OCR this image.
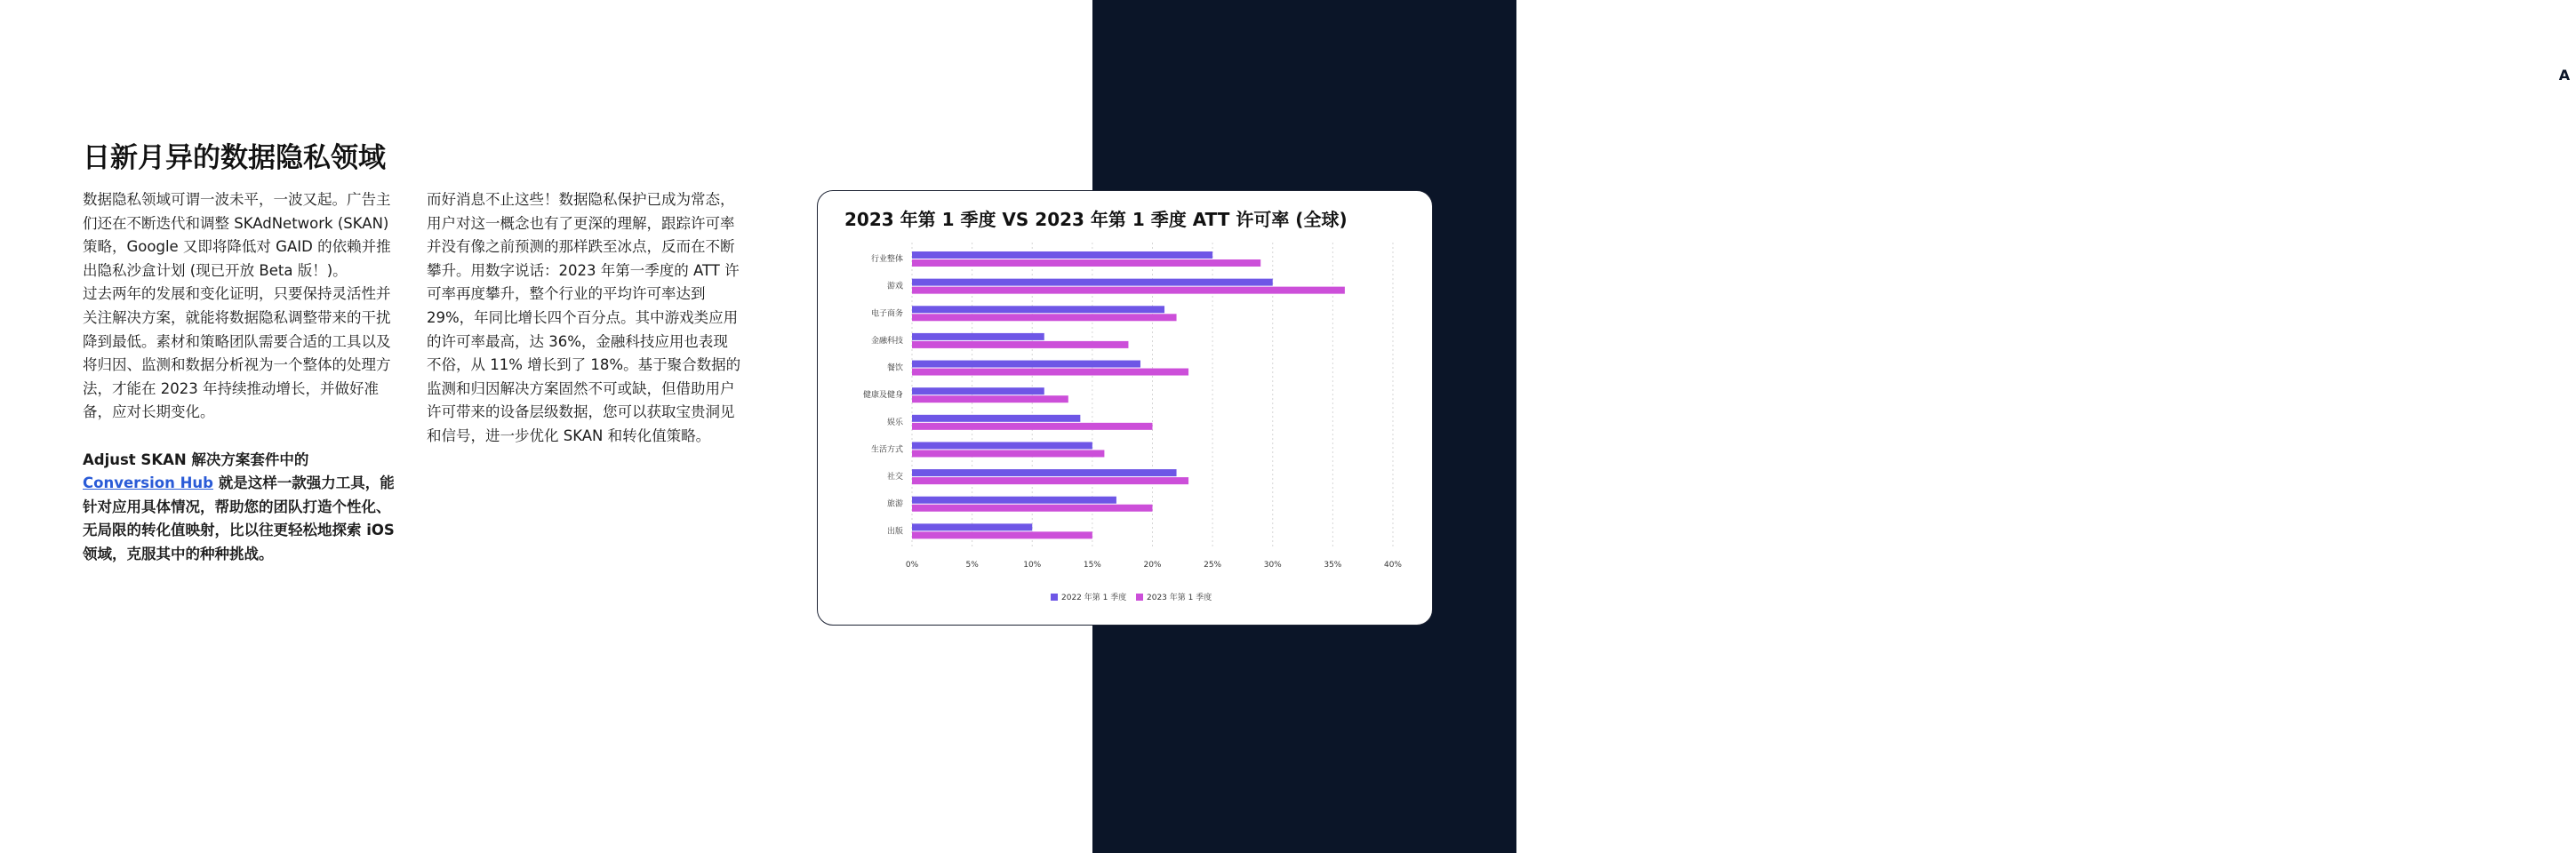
A
2023年移动应用趋势报告
5
日新月异的数据隐私领域

数据隐私领域可谓一波未平，一波又起。广告主们还在不断迭代和调整 SKAdNetwork (SKAN) 策略，Google 又即将降低对 GAID 的依赖并推出隐私沙盒计划 (现已开放 Beta 版！)。

过去两年的发展和变化证明，只要保持灵活性并关注解决方案，就能将数据隐私调整带来的干扰降到最低。素材和策略团队需要合适的工具以及将归因、监测和数据分析视为一个整体的处理方法，才能在 2023 年持续推动增长，并做好准备，应对长期变化。

Adjust SKAN 解决方案套件中的 Conversion Hub 就是这样一款强力工具，能针对应用具体情况，帮助您的团队打造个性化、无局限的转化值映射，比以往更轻松地探索 iOS 领域，克服其中的种种挑战。

而好消息不止这些！数据隐私保护已成为常态，用户对这一概念也有了更深的理解，跟踪许可率并没有像之前预测的那样跌至冰点，反而在不断攀升。用数字说话：2023 年第一季度的 ATT 许可率再度攀升，整个行业的平均许可率达到 29%，年同比增长四个百分点。其中游戏类应用的许可率最高，达 36%，金融科技应用也表现不俗，从 11% 增长到了 18%。基于聚合数据的监测和归因解决方案固然不可或缺，但借助用户许可带来的设备层级数据，您可以获取宝贵洞见和信号，进一步优化 SKAN 和转化值策略。

2023 年第 1 季度 VS 2023 年第 1 季度 ATT 许可率 (全球)
0%	5%	10%	15%	20%	25%	30%	35%	40%
行业整体
游戏
电子商务
金融科技
餐饮
健康及健身
娱乐
生活方式
社交
旅游
出版
2022 年第 1 季度	2023 年第 1 季度
